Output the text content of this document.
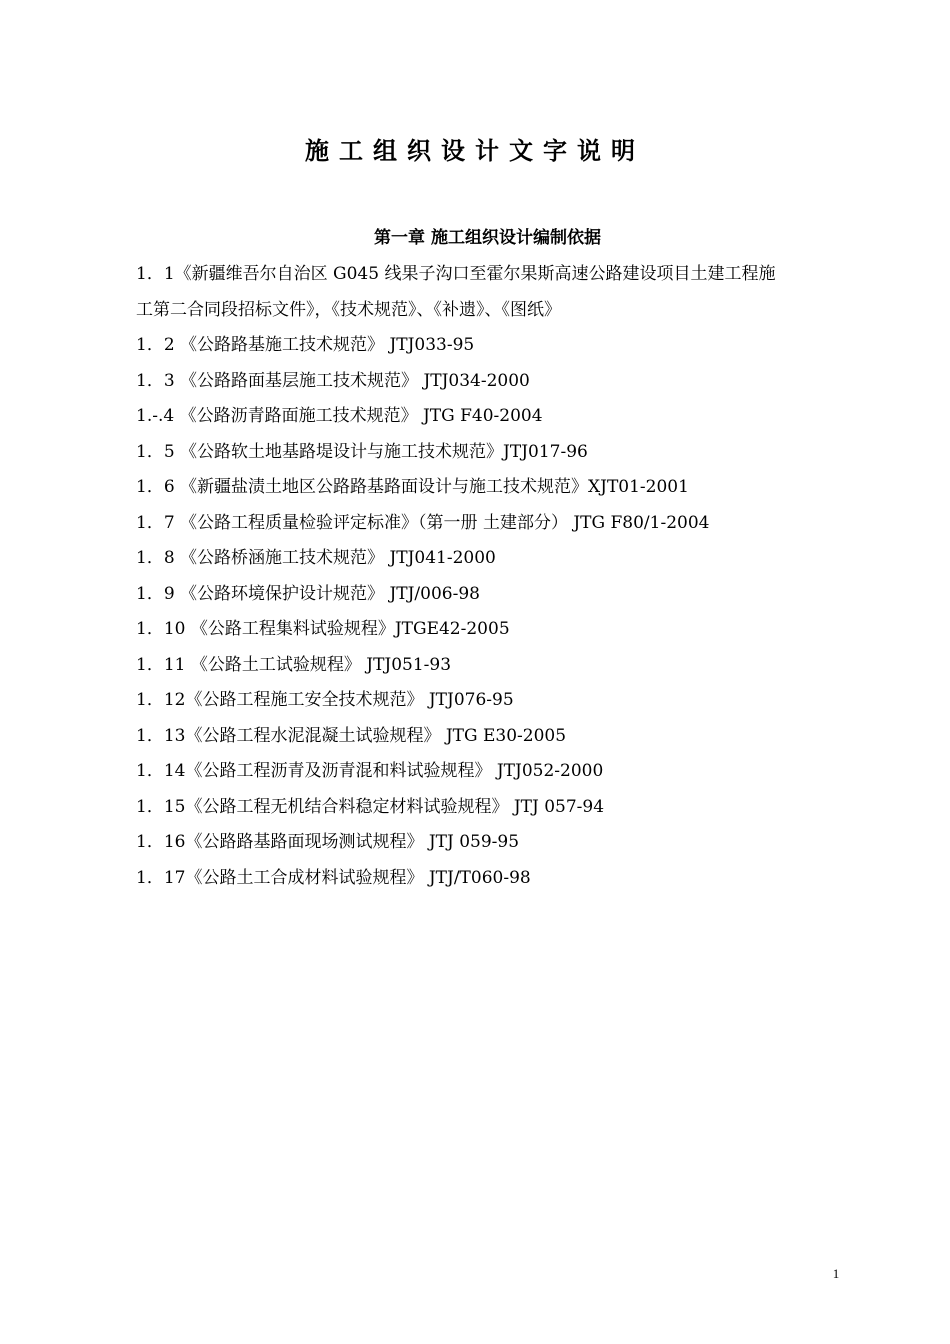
施工组织设计文字说明
第一章 施工组织设计编制依据
1．1《新疆维吾尔自治区 G045 线果子沟口至霍尔果斯高速公路建设项目土建工程施
工第二合同段招标文件》，《技术规范》、《补遗》、《图纸》
1．2 《公路路基施工技术规范》 JTJ033-95
1．3 《公路路面基层施工技术规范》 JTJ034-2000
1.-.4 《公路沥青路面施工技术规范》 JTG F40-2004
1．5 《公路软土地基路堤设计与施工技术规范》JTJ017-96
1．6 《新疆盐渍土地区公路路基路面设计与施工技术规范》XJT01-2001
1．7 《公路工程质量检验评定标准》（第一册 土建部分） JTG F80/1-2004
1．8 《公路桥涵施工技术规范》 JTJ041-2000
1．9 《公路环境保护设计规范》 JTJ/006-98
1．10 《公路工程集料试验规程》JTGE42-2005
1．11 《公路土工试验规程》 JTJ051-93
1．12《公路工程施工安全技术规范》 JTJ076-95
1．13《公路工程水泥混凝土试验规程》 JTG E30-2005
1．14《公路工程沥青及沥青混和料试验规程》 JTJ052-2000
1．15《公路工程无机结合料稳定材料试验规程》 JTJ 057-94
1．16《公路路基路面现场测试规程》 JTJ 059-95
1．17《公路土工合成材料试验规程》 JTJ/T060-98
1
